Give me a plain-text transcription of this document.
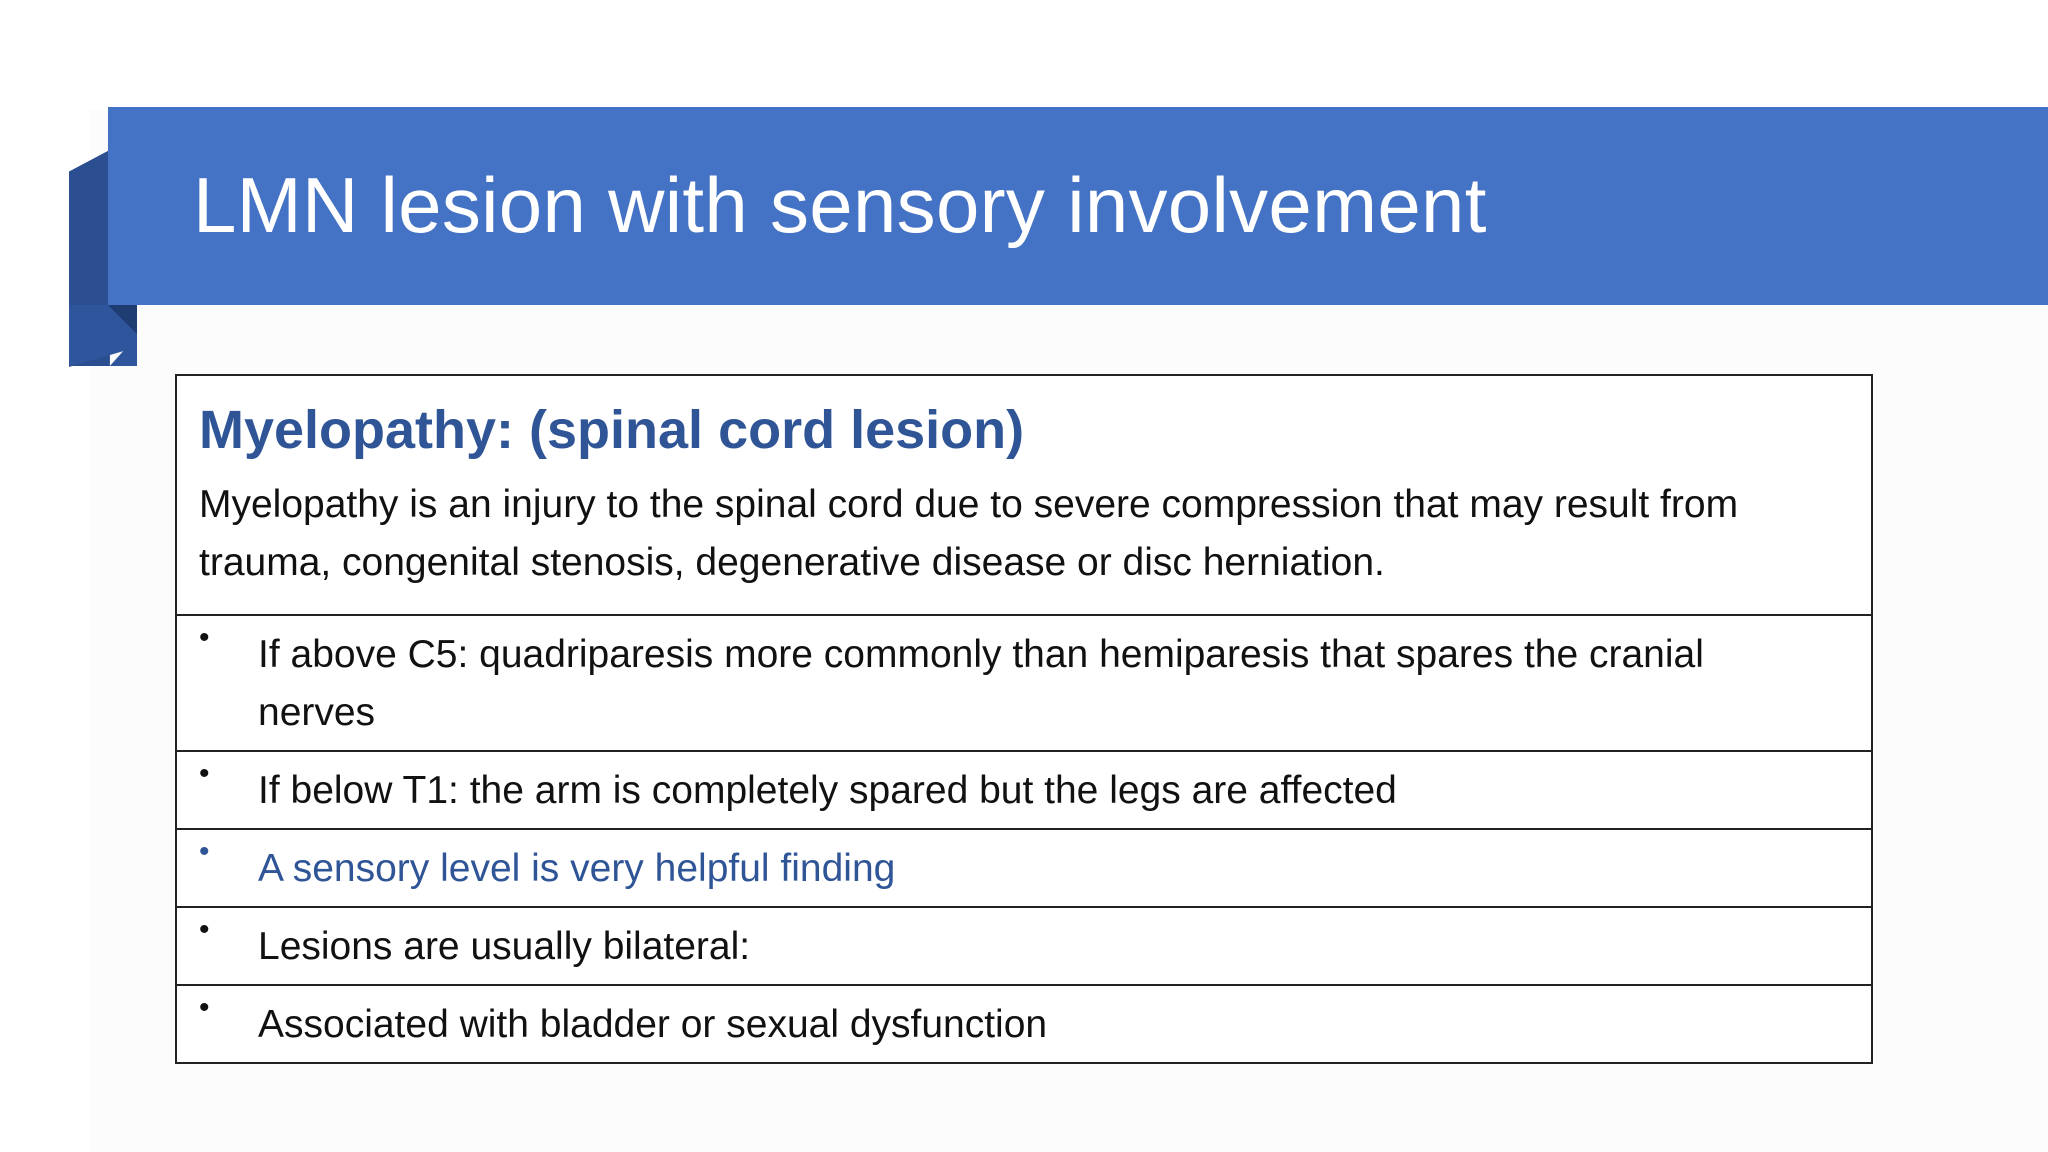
LMN lesion with sensory involvement
Myelopathy: (spinal cord lesion)

Myelopathy is an injury to the spinal cord due to severe compression that may result from trauma, congenital stenosis, degenerative disease or disc herniation.

• If above C5: quadriparesis more commonly than hemiparesis that spares the cranial nerves
• If below T1: the arm is completely spared but the legs are affected
• A sensory level is very helpful finding
• Lesions are usually bilateral:
• Associated with bladder or sexual dysfunction
